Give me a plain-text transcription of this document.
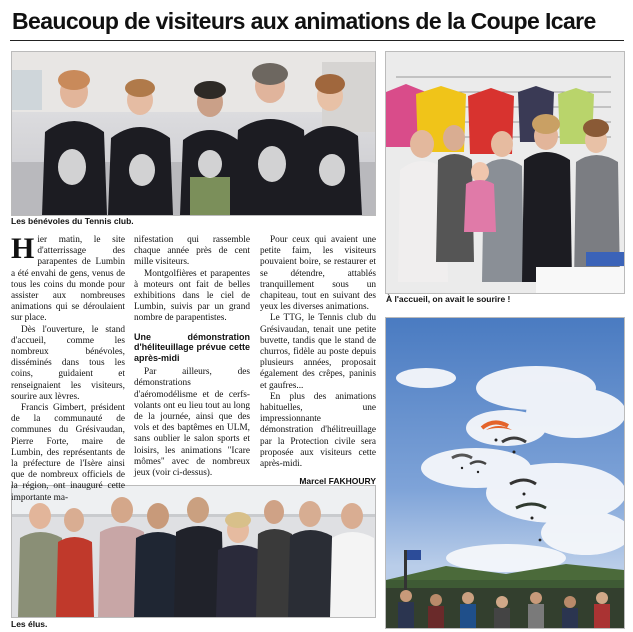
Beaucoup de visiteurs aux animations de la Coupe Icare
Les bénévoles du Tennis club.
À l'accueil, on avait le sourire !
Les élus.

Hier matin, le site d'atterrissage des parapentes de Lumbin a été envahi de gens, venus de tous les coins du monde pour assister aux nombreuses animations qui se déroulaient sur place.

Dès l'ouverture, le stand d'accueil, comme les nombreux bénévoles, disséminés dans tous les coins, guidaient et renseignaient les visiteurs, sourire aux lèvres.

Francis Gimbert, président de la communauté de communes du Grésivaudan, Pierre Forte, maire de Lumbin, des représentants de la préfecture de l'Isère ainsi que de nombreux officiels de la région, ont inauguré cette importante ma-

nifestation qui rassemble chaque année près de cent mille visiteurs.

Montgolfières et parapentes à moteurs ont fait de belles exhibitions dans le ciel de Lumbin, suivis par un grand nombre de parapentistes.

Une démonstration d'héliteuillage prévue cette après-midi

Par ailleurs, des démonstrations d'aéromodélisme et de cerfs-volants ont eu lieu tout au long de la journée, ainsi que des vols et des baptêmes en ULM, sans oublier le salon sports et loisirs, les animations "Icare mômes" avec de nombreux jeux (voir ci-dessus).

Pour ceux qui avaient une petite faim, les visiteurs pouvaient boire, se restaurer et se détendre, attablés tranquillement sous un chapiteau, tout en suivant des yeux les diverses animations.

Le TTG, le Tennis club du Grésivaudan, tenait une petite buvette, tandis que le stand de churros, fidèle au poste depuis plusieurs années, proposait également des crêpes, paninis et gaufres...

En plus des animations habituelles, une impressionnante démonstration d'hélitreuillage par la Protection civile sera proposée aux visiteurs cette après-midi.

Marcel FAKHOURY
